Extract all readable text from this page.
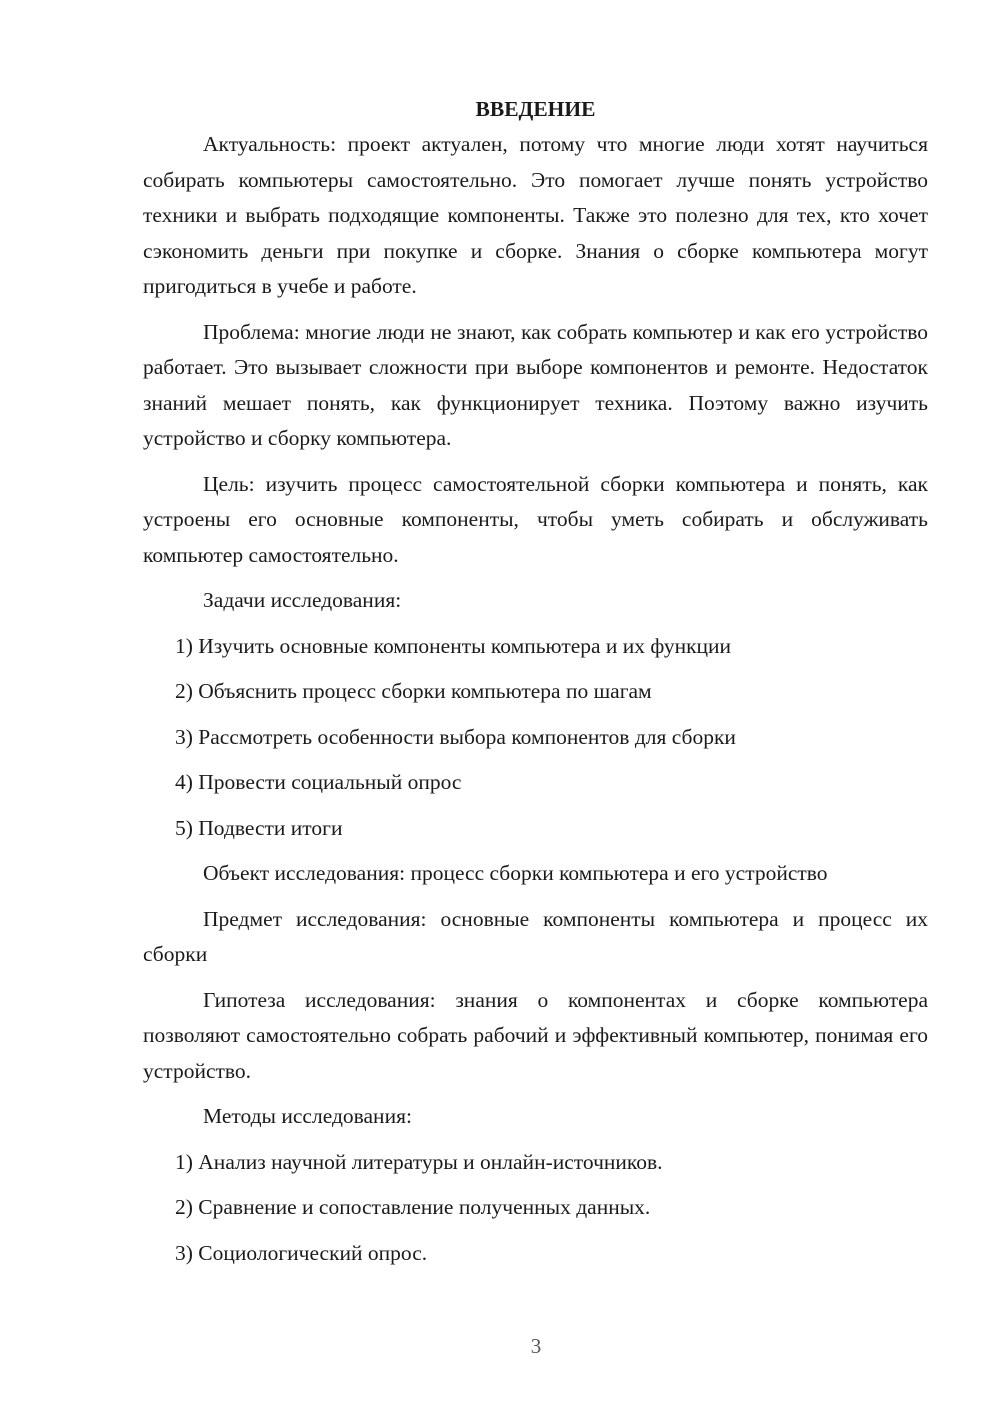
ВВЕДЕНИЕ

Актуальность: проект актуален, потому что многие люди хотят научиться собирать компьютеры самостоятельно. Это помогает лучше понять устройство техники и выбрать подходящие компоненты. Также это полезно для тех, кто хочет сэкономить деньги при покупке и сборке. Знания о сборке компьютера могут пригодиться в учебе и работе.

Проблема: многие люди не знают, как собрать компьютер и как его устройство работает. Это вызывает сложности при выборе компонентов и ремонте. Недостаток знаний мешает понять, как функционирует техника. Поэтому важно изучить устройство и сборку компьютера.

Цель: изучить процесс самостоятельной сборки компьютера и понять, как устроены его основные компоненты, чтобы уметь собирать и обслуживать компьютер самостоятельно.

Задачи исследования:

1) Изучить основные компоненты компьютера и их функции

2) Объяснить процесс сборки компьютера по шагам

3) Рассмотреть особенности выбора компонентов для сборки

4) Провести социальный опрос

5) Подвести итоги

Объект исследования: процесс сборки компьютера и его устройство

Предмет исследования: основные компоненты компьютера и процесс их сборки

Гипотеза исследования: знания о компонентах и сборке компьютера позволяют самостоятельно собрать рабочий и эффективный компьютер, понимая его устройство.

Методы исследования:

1) Анализ научной литературы и онлайн-источников.

2) Сравнение и сопоставление полученных данных.

3) Социологический опрос.

3
